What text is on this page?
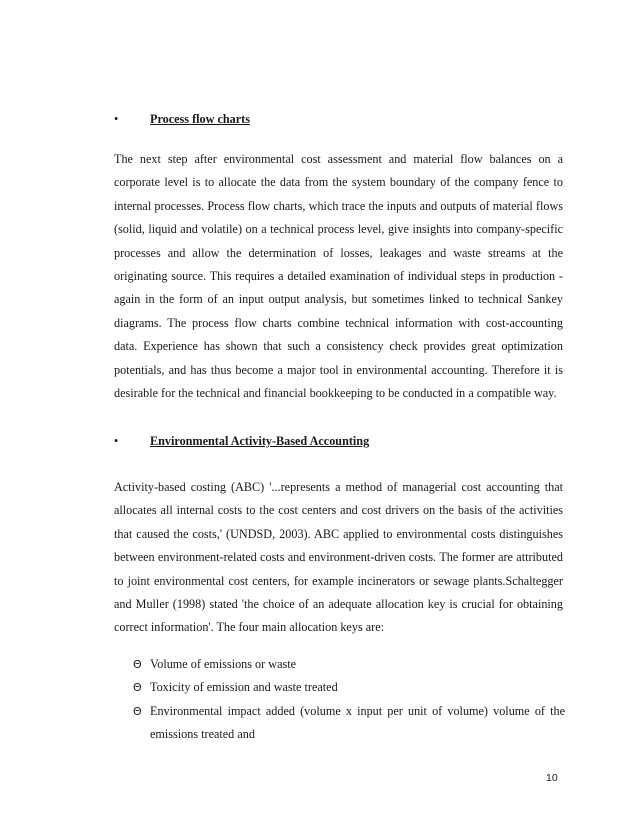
•	Process flow charts

The next step after environmental cost assessment and material flow balances on a corporate level is to allocate the data from the system boundary of the company fence to internal processes. Process flow charts, which trace the inputs and outputs of material flows (solid, liquid and volatile) on a technical process level, give insights into company-specific processes and allow the determination of losses, leakages and waste streams at the originating source. This requires a detailed examination of individual steps in production - again in the form of an input output analysis, but sometimes linked to technical Sankey diagrams. The process flow charts combine technical information with cost-accounting data. Experience has shown that such a consistency check provides great optimization potentials, and has thus become a major tool in environmental accounting. Therefore it is desirable for the technical and financial bookkeeping to be conducted in a compatible way.

•	Environmental Activity-Based Accounting

Activity-based costing (ABC) '...represents a method of managerial cost accounting that allocates all internal costs to the cost centers and cost drivers on the basis of the activities that caused the costs,' (UNDSD, 2003). ABC applied to environmental costs distinguishes between environment-related costs and environment-driven costs. The former are attributed to joint environmental cost centers, for example incinerators or sewage plants.Schaltegger and Muller (1998) stated 'the choice of an adequate allocation key is crucial for obtaining correct information'. The four main allocation keys are:

Θ Volume of emissions or waste
Θ Toxicity of emission and waste treated
Θ Environmental impact added (volume x input per unit of volume) volume of the emissions treated and
10
